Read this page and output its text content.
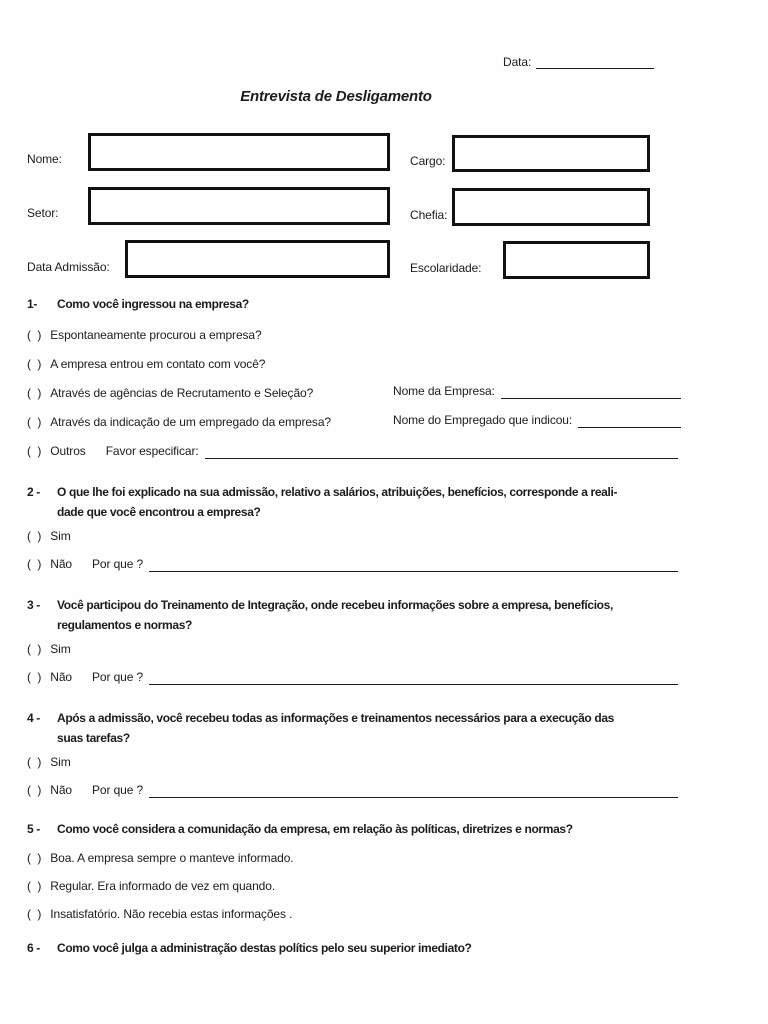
Data:
Entrevista de Desligamento
Nome:	Cargo:
Setor:	Chefia:
Data Admissão:	Escolaridade:
1-	Como você ingressou na empresa?
(  ) Espontaneamente procurou a empresa?
(  ) A empresa entrou em contato com você?
(  ) Através de agências de Recrutamento e Seleção?	Nome da Empresa:
(  ) Através da indicação de um empregado da empresa?	Nome do Empregado que indicou:
(  ) Outros Favor especificar:
2 -	O que lhe foi explicado na sua admissão, relativo a salários, atribuições, benefícios, corresponde a reali-
dade que você encontrou a empresa?
(  ) Sim
(  ) Não Por que ?
3 -	Você participou do Treinamento de Integração, onde recebeu informações sobre a empresa, benefícios,
regulamentos e normas?
(  ) Sim
(  ) Não Por que ?
4 -	Após a admissão, você recebeu todas as informações e treinamentos necessários para a execução das
suas tarefas?
(  ) Sim
(  ) Não Por que ?
5 -	Como você considera a comunidação da empresa, em relação às políticas, diretrizes e normas?
(  ) Boa. A empresa sempre o manteve informado.
(  ) Regular. Era informado de vez em quando.
(  ) Insatisfatório. Não recebia estas informações .
6 -	Como você julga a administração destas polítics pelo seu superior imediato?
